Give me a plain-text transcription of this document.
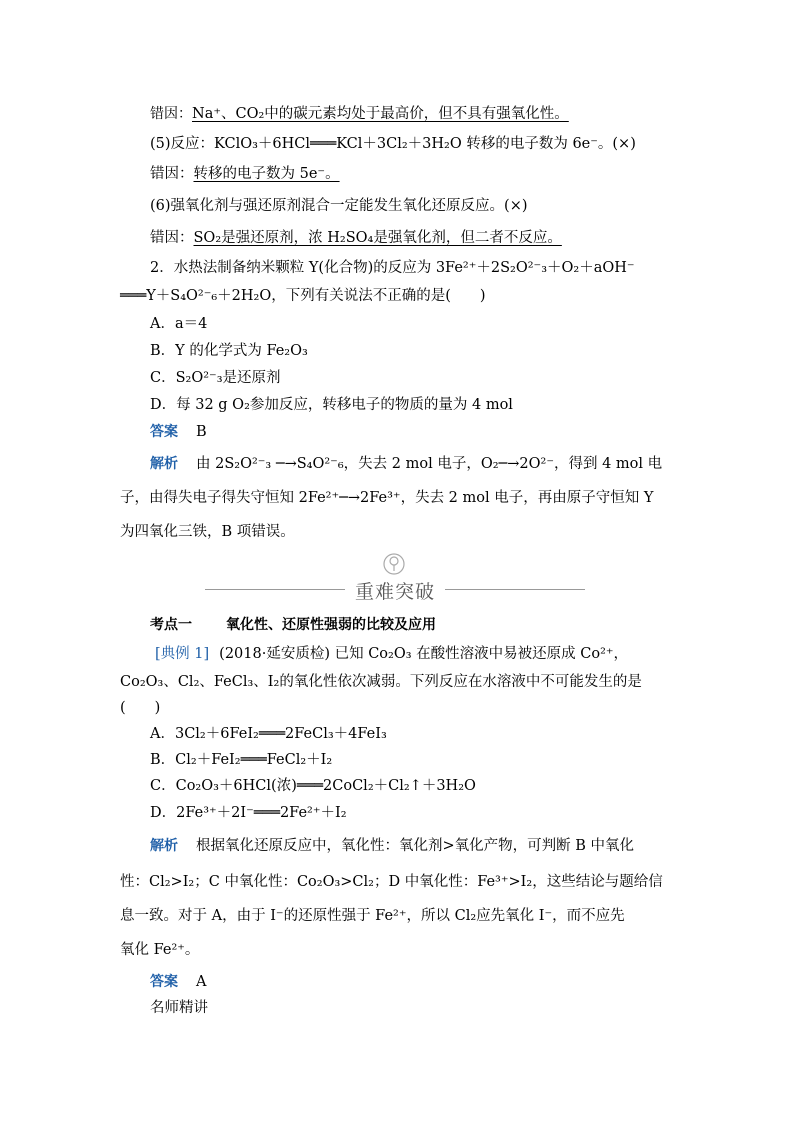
错因：Na⁺、CO₂中的碳元素均处于最高价，但不具有强氧化性。
(5)反应：KClO₃＋6HCl═══KCl＋3Cl₂＋3H₂O 转移的电子数为 6e⁻。(×)
错因：转移的电子数为 5e⁻。
(6)强氧化剂与强还原剂混合一定能发生氧化还原反应。(×)
错因：SO₂是强还原剂，浓 H₂SO₄是强氧化剂，但二者不反应。
2．水热法制备纳米颗粒 Y(化合物)的反应为 3Fe²⁺＋2S₂O²⁻₃＋O₂＋aOH⁻
═══Y＋S₄O²⁻₆＋2H₂O，下列有关说法不正确的是(　　)
A．a＝4
B．Y 的化学式为 Fe₂O₃
C．S₂O²⁻₃是还原剂
D．每 32 g O₂参加反应，转移电子的物质的量为 4 mol
答案 B
解析 由 2S₂O²⁻₃ ─→S₄O²⁻₆，失去 2 mol 电子，O₂─→2O²⁻，得到 4 mol 电
子，由得失电子得失守恒知 2Fe²⁺─→2Fe³⁺，失去 2 mol 电子，再由原子守恒知 Y
为四氧化三铁，B 项错误。
重难突破
考点一 氧化性、还原性强弱的比较及应用
[典例 1] (2018·延安质检) 已知 Co₂O₃ 在酸性溶液中易被还原成 Co²⁺，
Co₂O₃、Cl₂、FeCl₃、I₂的氧化性依次减弱。下列反应在水溶液中不可能发生的是
(　　)
A．3Cl₂＋6FeI₂═══2FeCl₃＋4FeI₃
B．Cl₂＋FeI₂═══FeCl₂＋I₂
C．Co₂O₃＋6HCl(浓)═══2CoCl₂＋Cl₂↑＋3H₂O
D．2Fe³⁺＋2I⁻═══2Fe²⁺＋I₂
解析 根据氧化还原反应中，氧化性：氧化剂>氧化产物，可判断 B 中氧化
性：Cl₂>I₂；C 中氧化性：Co₂O₃>Cl₂；D 中氧化性：Fe³⁺>I₂，这些结论与题给信
息一致。对于 A，由于 I⁻的还原性强于 Fe²⁺，所以 Cl₂应先氧化 I⁻，而不应先
氧化 Fe²⁺。
答案 A
名师精讲
